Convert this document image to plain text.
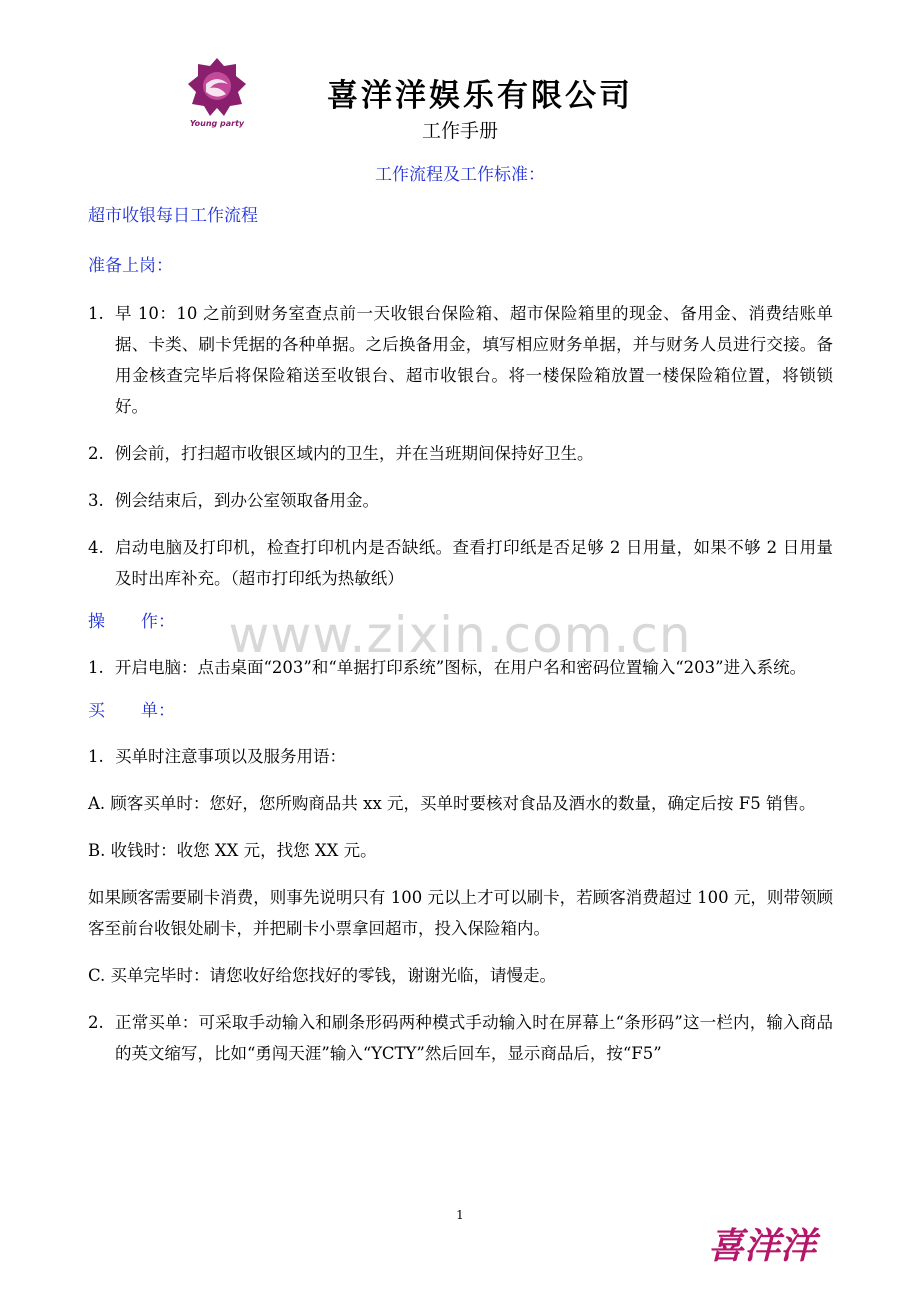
Young party
喜洋洋娱乐有限公司
工作手册
工作流程及工作标准：

超市收银每日工作流程

准备上岗：

1. 早 10：10 之前到财务室查点前一天收银台保险箱、超市保险箱里的现金、备用金、消费结账单据、卡类、刷卡凭据的各种单据。之后换备用金，填写相应财务单据，并与财务人员进行交接。备用金核查完毕后将保险箱送至收银台、超市收银台。将一楼保险箱放置一楼保险箱位置，将锁锁好。

2. 例会前，打扫超市收银区域内的卫生，并在当班期间保持好卫生。

3. 例会结束后，到办公室领取备用金。

4. 启动电脑及打印机，检查打印机内是否缺纸。查看打印纸是否足够 2 日用量，如果不够 2 日用量及时出库补充。（超市打印纸为热敏纸）

操 作：

1. 开启电脑：点击桌面“203”和“单据打印系统”图标，在用户名和密码位置输入“203”进入系统。

买 单：

1. 买单时注意事项以及服务用语：

A. 顾客买单时：您好，您所购商品共 xx 元，买单时要核对食品及酒水的数量，确定后按 F5 销售。

B. 收钱时：收您 XX 元，找您 XX 元。

如果顾客需要刷卡消费，则事先说明只有 100 元以上才可以刷卡，若顾客消费超过 100 元，则带领顾客至前台收银处刷卡，并把刷卡小票拿回超市，投入保险箱内。

C. 买单完毕时：请您收好给您找好的零钱，谢谢光临，请慢走。

2. 正常买单：可采取手动输入和刷条形码两种模式手动输入时在屏幕上“条形码”这一栏内，输入商品的英文缩写，比如“勇闯天涯”输入“YCTY”然后回车，显示商品后，按“F5”

www.zixin.com.cn
1
喜洋洋
